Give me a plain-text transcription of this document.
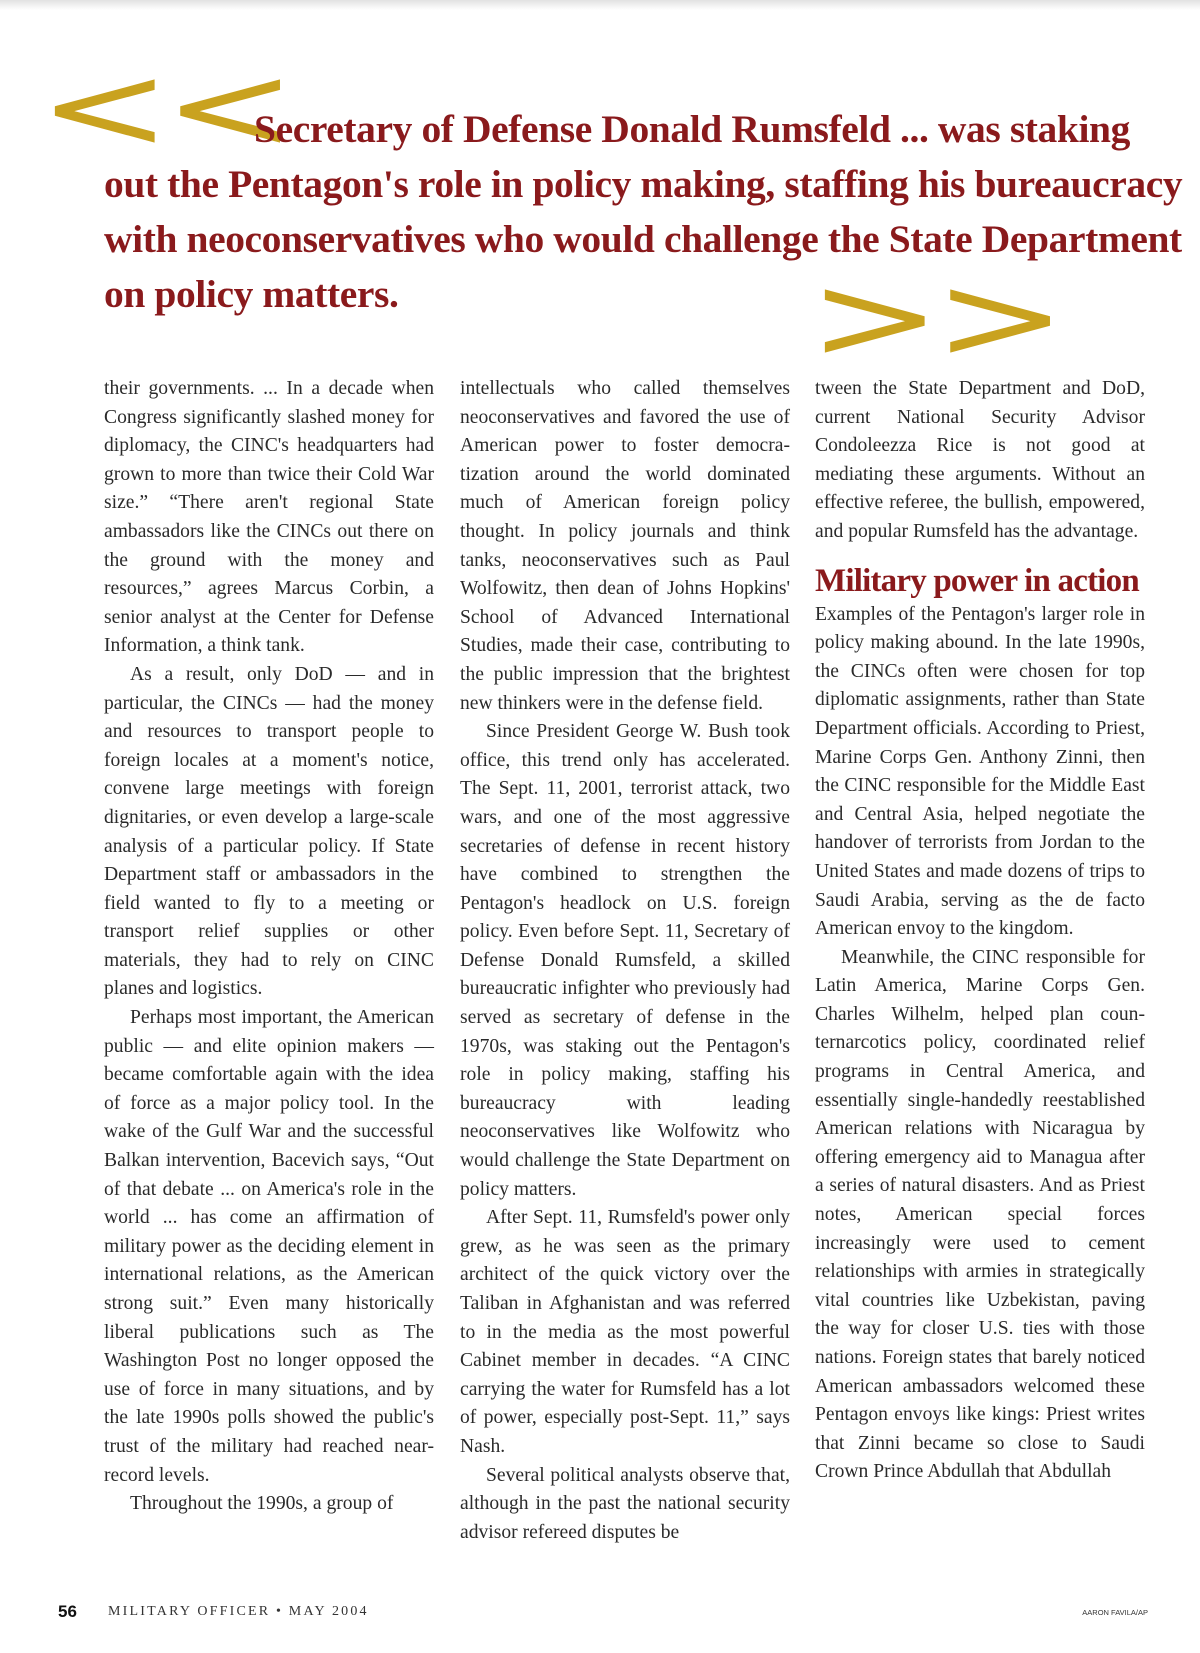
<<

Secretary of Defense Donald Rumsfeld ... was staking out the Pentagon's role in policy making, staffing his bureaucracy with neoconservatives who would challenge the State Department on policy matters.	>>

their governments. ... In a decade when Congress significantly slashed money for diplomacy, the CINC's headquarters had grown to more than twice their Cold War size.” “There aren't regional State ambassadors like the CINCs out there on the ground with the money and resources,” agrees Marcus Corbin, a senior analyst at the Center for Defense Information, a think tank.

As a result, only DoD — and in particular, the CINCs — had the money and resources to transport people to foreign locales at a moment's notice, convene large meetings with foreign dignitaries, or even develop a large-scale analysis of a particular policy. If State Department staff or ambassadors in the field wanted to fly to a meeting or transport relief supplies or other materials, they had to rely on CINC planes and logistics.

Perhaps most important, the American public — and elite opinion makers — became comfortable again with the idea of force as a major policy tool. In the wake of the Gulf War and the successful Balkan intervention, Bacevich says, “Out of that debate ... on America's role in the world ... has come an affirmation of military power as the deciding element in international relations, as the American strong suit.” Even many historically liberal publications such as The Washington Post no longer opposed the use of force in many situations, and by the late 1990s polls showed the public's trust of the military had reached near-record levels.

Throughout the 1990s, a group of

intellectuals who called themselves neoconservatives and favored the use of American power to foster democratization around the world dominated much of American foreign policy thought. In policy journals and think tanks, neoconservatives such as Paul Wolfowitz, then dean of Johns Hopkins' School of Advanced International Studies, made their case, contributing to the public impression that the brightest new thinkers were in the defense field.

Since President George W. Bush took office, this trend only has accelerated. The Sept. 11, 2001, terrorist attack, two wars, and one of the most aggressive secretaries of defense in recent history have combined to strengthen the Pentagon's headlock on U.S. foreign policy. Even before Sept. 11, Secretary of Defense Donald Rumsfeld, a skilled bureaucratic infighter who previously had served as secretary of defense in the 1970s, was staking out the Pentagon's role in policy making, staffing his bureaucracy with leading neoconservatives like Wolfowitz who would challenge the State Department on policy matters.

After Sept. 11, Rumsfeld's power only grew, as he was seen as the primary architect of the quick victory over the Taliban in Afghanistan and was referred to in the media as the most powerful Cabinet member in decades. “A CINC carrying the water for Rumsfeld has a lot of power, especially post-Sept. 11,” says Nash.

Several political analysts observe that, although in the past the national security advisor refereed disputes be

tween the State Department and DoD, current National Security Advisor Condoleezza Rice is not good at mediating these arguments. Without an effective referee, the bullish, empowered, and popular Rumsfeld has the advantage.

Military power in action

Examples of the Pentagon's larger role in policy making abound. In the late 1990s, the CINCs often were chosen for top diplomatic assignments, rather than State Department officials. According to Priest, Marine Corps Gen. Anthony Zinni, then the CINC responsible for the Middle East and Central Asia, helped negotiate the handover of terrorists from Jordan to the United States and made dozens of trips to Saudi Arabia, serving as the de facto American envoy to the kingdom.

Meanwhile, the CINC responsible for Latin America, Marine Corps Gen. Charles Wilhelm, helped plan counternarcotics policy, coordinated relief programs in Central America, and essentially single-handedly reestablished American relations with Nicaragua by offering emergency aid to Managua after a series of natural disasters. And as Priest notes, American special forces increasingly were used to cement relationships with armies in strategically vital countries like Uzbekistan, paving the way for closer U.S. ties with those nations. Foreign states that barely noticed American ambassadors welcomed these Pentagon envoys like kings: Priest writes that Zinni became so close to Saudi Crown Prince Abdullah that Abdullah

56 MILITARY OFFICER • MAY 2004	AARON FAVILA/AP
